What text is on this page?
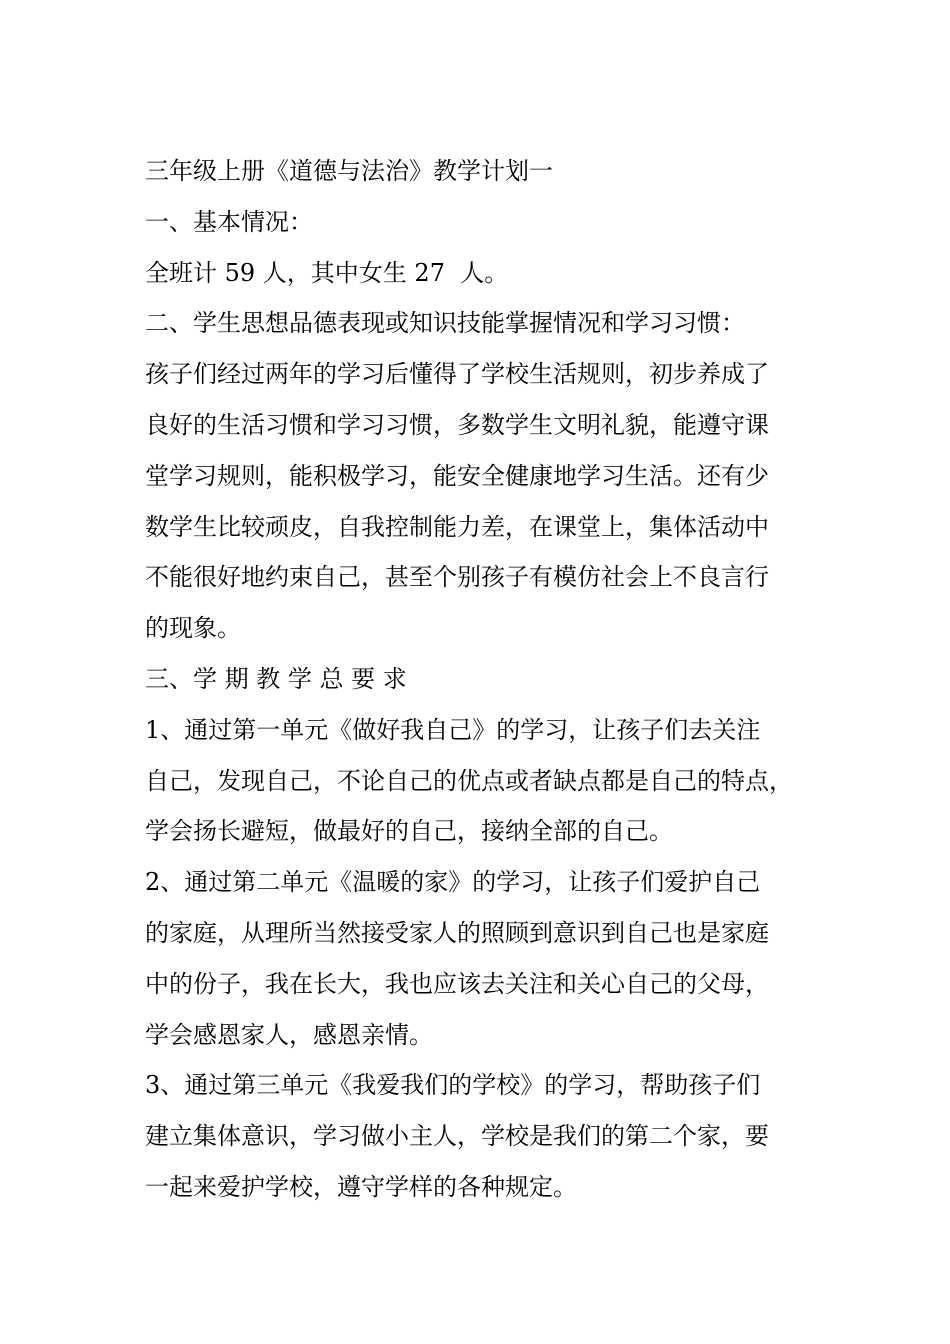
三年级上册《道德与法治》教学计划一
一、基本情况：
全班计 59 人，其中女生 27  人。
二、学生思想品德表现或知识技能掌握情况和学习习惯：
孩子们经过两年的学习后懂得了学校生活规则，初步养成了
良好的生活习惯和学习习惯，多数学生文明礼貌，能遵守课
堂学习规则，能积极学习，能安全健康地学习生活。还有少
数学生比较顽皮，自我控制能力差，在课堂上，集体活动中
不能很好地约束自己，甚至个别孩子有模仿社会上不良言行
的现象。
三、学 期 教 学 总 要 求
1、通过第一单元《做好我自己》的学习，让孩子们去关注
自己，发现自己，不论自己的优点或者缺点都是自己的特点，
学会扬长避短，做最好的自己，接纳全部的自己。
2、通过第二单元《温暖的家》的学习，让孩子们爱护自己
的家庭，从理所当然接受家人的照顾到意识到自己也是家庭
中的份子，我在长大，我也应该去关注和关心自己的父母，
学会感恩家人，感恩亲情。
3、通过第三单元《我爱我们的学校》的学习，帮助孩子们
建立集体意识，学习做小主人，学校是我们的第二个家，要
一起来爱护学校，遵守学样的各种规定。
